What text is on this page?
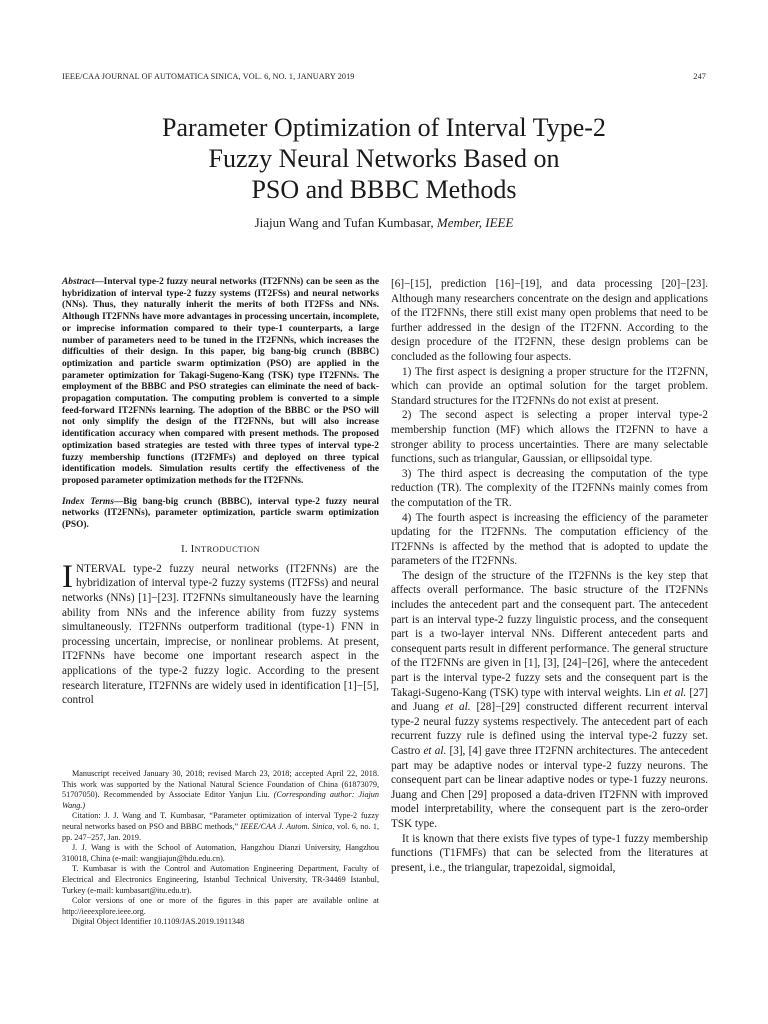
IEEE/CAA JOURNAL OF AUTOMATICA SINICA, VOL. 6, NO. 1, JANUARY 2019	247
Parameter Optimization of Interval Type-2
Fuzzy Neural Networks Based on
PSO and BBBC Methods
Jiajun Wang and Tufan Kumbasar, Member, IEEE

Abstract—Interval type-2 fuzzy neural networks (IT2FNNs) can be seen as the hybridization of interval type-2 fuzzy systems (IT2FSs) and neural networks (NNs). Thus, they naturally inherit the merits of both IT2FSs and NNs. Although IT2FNNs have more advantages in processing uncertain, incomplete, or imprecise information compared to their type-1 counterparts, a large number of parameters need to be tuned in the IT2FNNs, which increases the difficulties of their design. In this paper, big bang-big crunch (BBBC) optimization and particle swarm optimization (PSO) are applied in the parameter optimization for Takagi-Sugeno-Kang (TSK) type IT2FNNs. The employment of the BBBC and PSO strategies can eliminate the need of back-propagation computation. The computing problem is converted to a simple feed-forward IT2FNNs learning. The adoption of the BBBC or the PSO will not only simplify the design of the IT2FNNs, but will also increase identification accuracy when compared with present methods. The proposed optimization based strategies are tested with three types of interval type-2 fuzzy membership functions (IT2FMFs) and deployed on three typical identification models. Simulation results certify the effectiveness of the proposed parameter optimization methods for the IT2FNNs.

Index Terms—Big bang-big crunch (BBBC), interval type-2 fuzzy neural networks (IT2FNNs), parameter optimization, particle swarm optimization (PSO).

I. INTRODUCTION

INTERVAL type-2 fuzzy neural networks (IT2FNNs) are the hybridization of interval type-2 fuzzy systems (IT2FSs) and neural networks (NNs) [1]−[23]. IT2FNNs simultaneously have the learning ability from NNs and the inference ability from fuzzy systems simultaneously. IT2FNNs outperform traditional (type-1) FNN in processing uncertain, imprecise, or nonlinear problems. At present, IT2FNNs have become one important research aspect in the applications of the type-2 fuzzy logic. According to the present research literature, IT2FNNs are widely used in identification [1]−[5], control

Manuscript received January 30, 2018; revised March 23, 2018; accepted April 22, 2018. This work was supported by the National Natural Science Foundation of China (61873079, 51707050). Recommended by Associate Editor Yanjun Liu. (Corresponding author: Jiajun Wang.)

Citation: J. J. Wang and T. Kumbasar, “Parameter optimization of interval Type-2 fuzzy neural networks based on PSO and BBBC methods,” IEEE/CAA J. Autom. Sinica, vol. 6, no. 1, pp. 247−257, Jan. 2019.

J. J. Wang is with the School of Automation, Hangzhou Dianzi University, Hangzhou 310018, China (e-mail: wangjiajun@hdu.edu.cn).

T. Kumbasar is with the Control and Automation Engineering Department, Faculty of Electrical and Electronics Engineering, Istanbul Technical University, TR-34469 Istanbul, Turkey (e-mail: kumbasart@itu.edu.tr).

Color versions of one or more of the figures in this paper are available online at http://ieeexplore.ieee.org.

Digital Object Identifier 10.1109/JAS.2019.1911348

[6]−[15], prediction [16]−[19], and data processing [20]−[23]. Although many researchers concentrate on the design and applications of the IT2FNNs, there still exist many open problems that need to be further addressed in the design of the IT2FNN. According to the design procedure of the IT2FNN, these design problems can be concluded as the following four aspects.

1) The first aspect is designing a proper structure for the IT2FNN, which can provide an optimal solution for the target problem. Standard structures for the IT2FNNs do not exist at present.

2) The second aspect is selecting a proper interval type-2 membership function (MF) which allows the IT2FNN to have a stronger ability to process uncertainties. There are many selectable functions, such as triangular, Gaussian, or ellipsoidal type.

3) The third aspect is decreasing the computation of the type reduction (TR). The complexity of the IT2FNNs mainly comes from the computation of the TR.

4) The fourth aspect is increasing the efficiency of the parameter updating for the IT2FNNs. The computation efficiency of the IT2FNNs is affected by the method that is adopted to update the parameters of the IT2FNNs.

The design of the structure of the IT2FNNs is the key step that affects overall performance. The basic structure of the IT2FNNs includes the antecedent part and the consequent part. The antecedent part is an interval type-2 fuzzy linguistic process, and the consequent part is a two-layer interval NNs. Different antecedent parts and consequent parts result in different performance. The general structure of the IT2FNNs are given in [1], [3], [24]−[26], where the antecedent part is the interval type-2 fuzzy sets and the consequent part is the Takagi-Sugeno-Kang (TSK) type with interval weights. Lin et al. [27] and Juang et al. [28]−[29] constructed different recurrent interval type-2 neural fuzzy systems respectively. The antecedent part of each recurrent fuzzy rule is defined using the interval type-2 fuzzy set. Castro et al. [3], [4] gave three IT2FNN architectures. The antecedent part may be adaptive nodes or interval type-2 fuzzy neurons. The consequent part can be linear adaptive nodes or type-1 fuzzy neurons. Juang and Chen [29] proposed a data-driven IT2FNN with improved model interpretability, where the consequent part is the zero-order TSK type.

It is known that there exists five types of type-1 fuzzy membership functions (T1FMFs) that can be selected from the literatures at present, i.e., the triangular, trapezoidal, sigmoidal,
